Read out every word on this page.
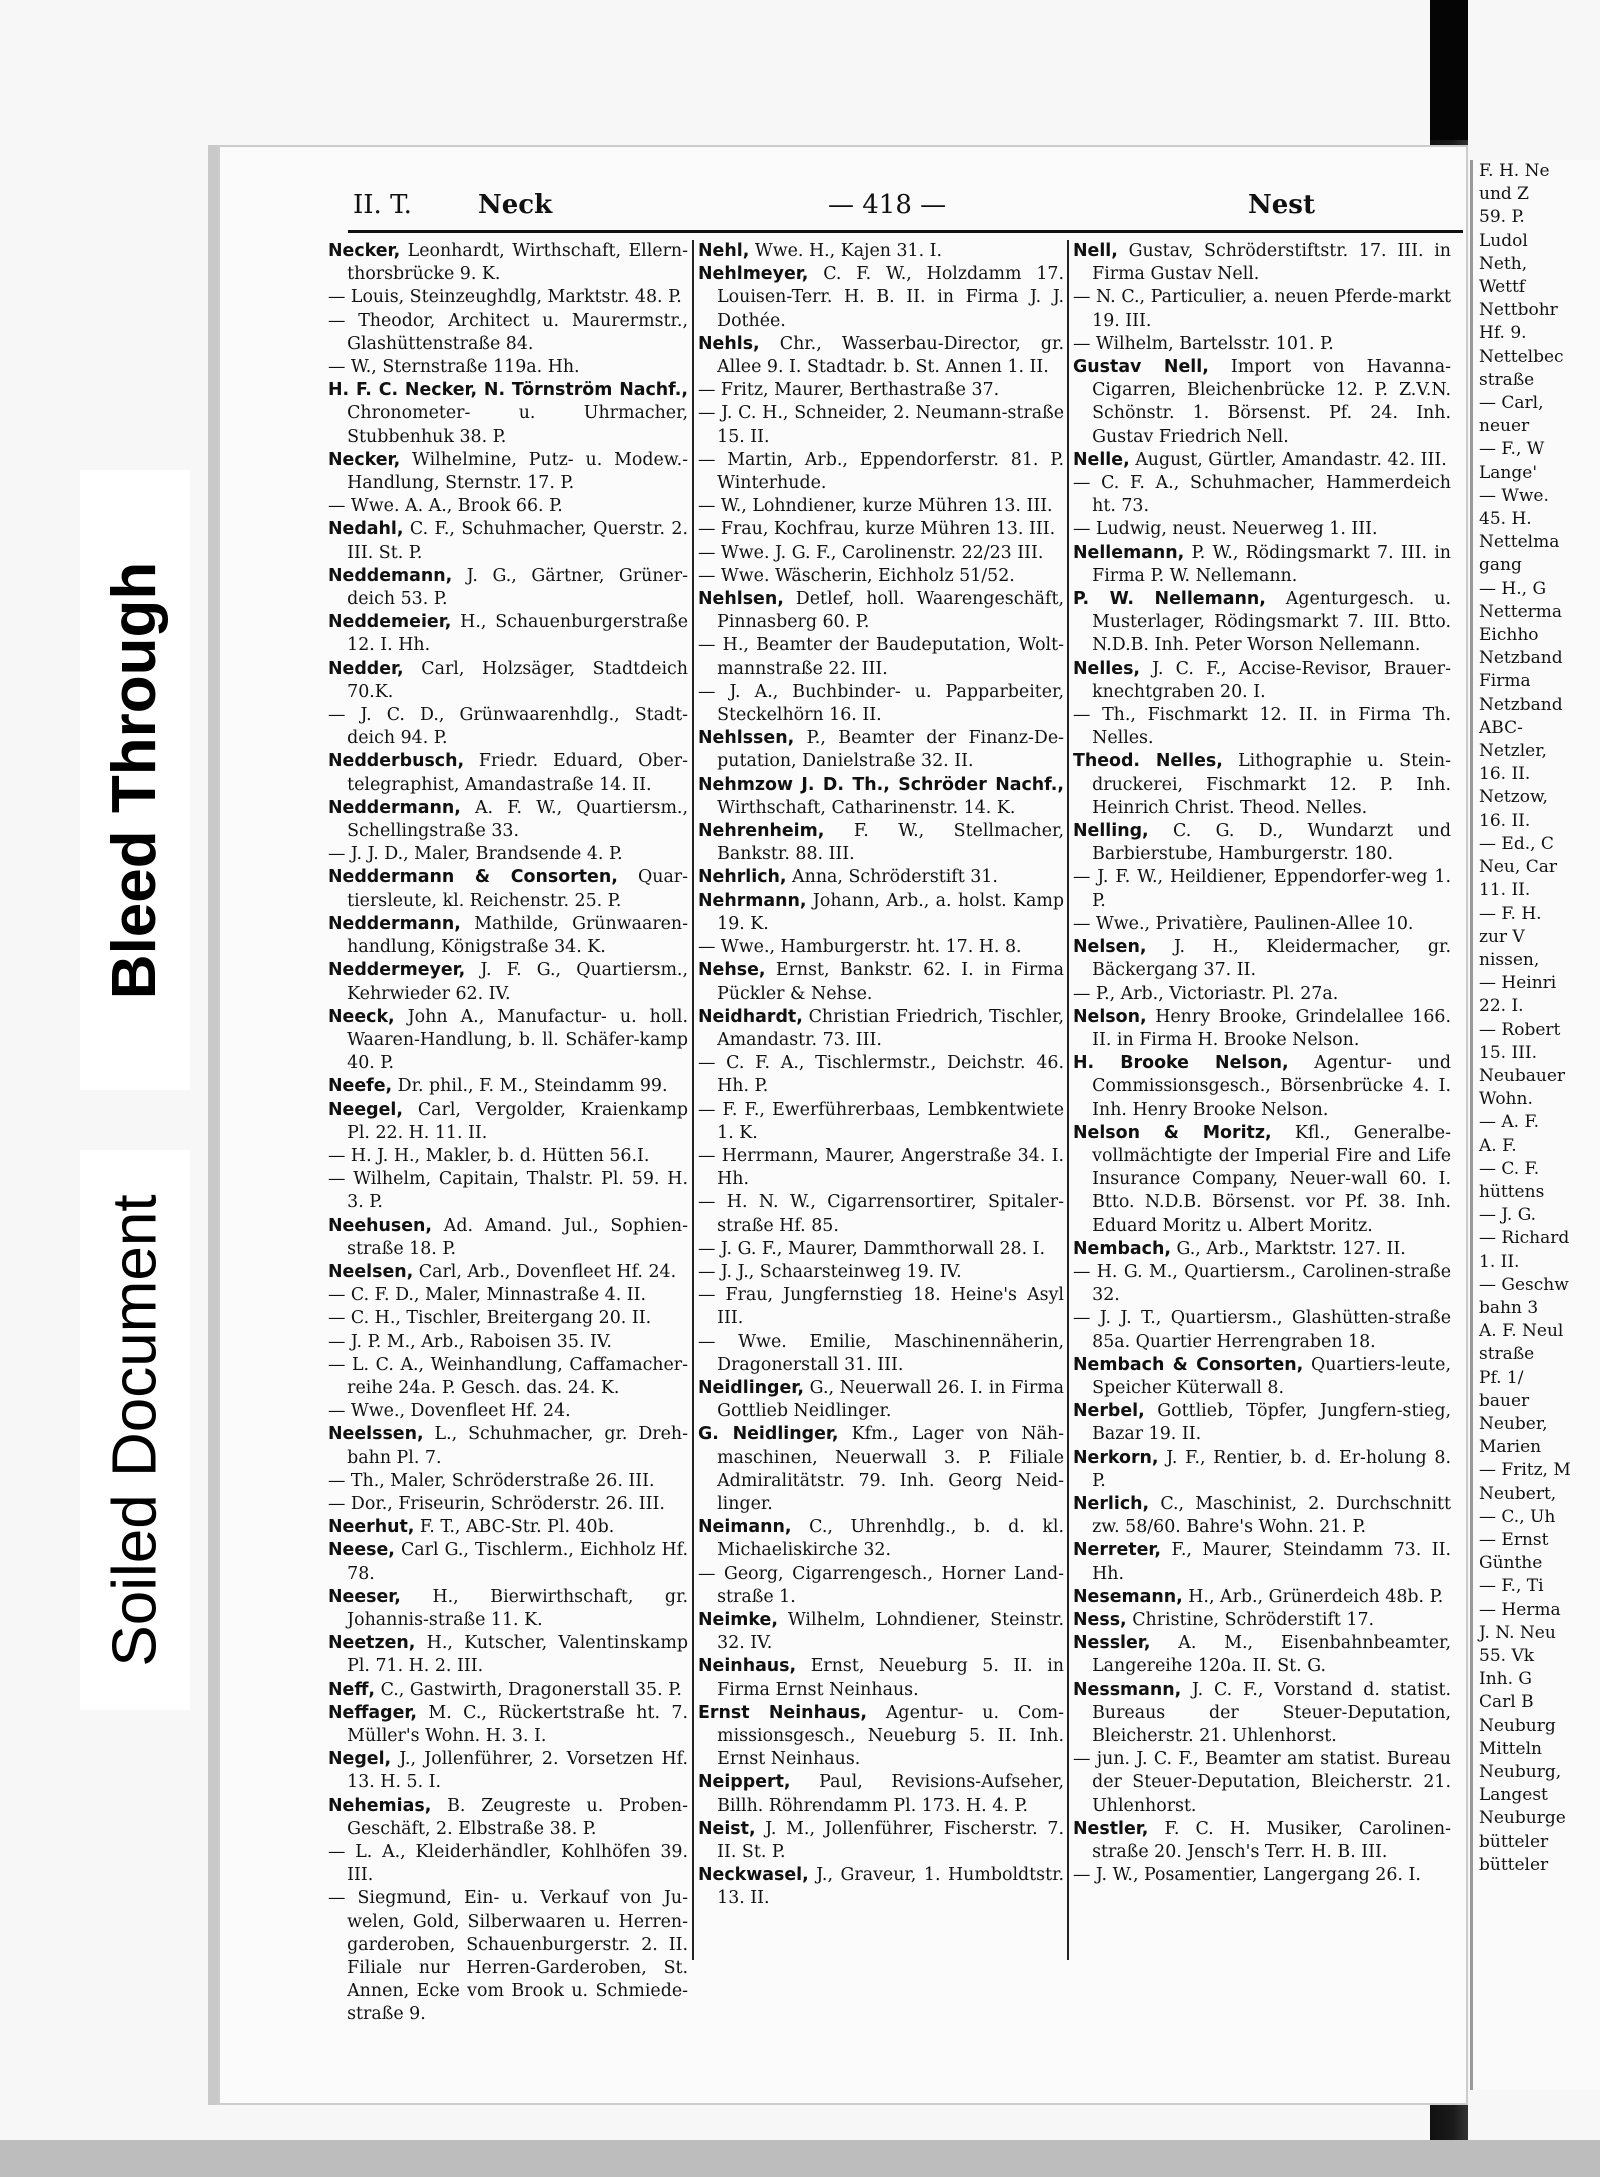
F. H. Ne
und Z
59. P.
Ludol
Neth,
Wettf
Nettbohr
Hf. 9.
Nettelbec
straße
— Carl,
neuer
— F., W
Lange'
— Wwe.
45. H.
Nettelma
gang
— H., G
Netterma
Eichho
Netzband
Firma
Netzband
ABC-
Netzler,
16. II.
Netzow,
16. II.
— Ed., C
Neu, Car
11. II.
— F. H.
zur V
nissen,
— Heinri
22. I.
— Robert
15. III.
Neubauer
Wohn.
— A. F.
A. F.
— C. F.
hüttens
— J. G.
— Richard
1. II.
— Geschw
bahn 3
A. F. Neul
straße
Pf. 1/
bauer
Neuber,
Marien
— Fritz, M
Neubert,
— C., Uh
— Ernst
Günthe
— F., Ti
— Herma
J. N. Neu
55. Vk
Inh. G
Carl B
Neuburg
Mitteln
Neuburg,
Langest
Neuburge
bütteler
bütteler
II. T.	Neck	— 418 —	Nest

Necker, Leonhardt, Wirthschaft, Ellern-thorsbrücke 9. K.

— Louis, Steinzeughdlg, Marktstr. 48. P.

— Theodor, Architect u. Maurermstr., Glashüttenstraße 84.

— W., Sternstraße 119a. Hh.

H. F. C. Necker, N. Törnström Nachf., Chronometer- u. Uhrmacher, Stubbenhuk 38. P.

Necker, Wilhelmine, Putz- u. Modew.-Handlung, Sternstr. 17. P.

— Wwe. A. A., Brook 66. P.

Nedahl, C. F., Schuhmacher, Querstr. 2. III. St. P.

Neddemann, J. G., Gärtner, Grüner-deich 53. P.

Neddemeier, H., Schauenburgerstraße 12. I. Hh.

Nedder, Carl, Holzsäger, Stadtdeich 70.K.

— J. C. D., Grünwaarenhdlg., Stadt-deich 94. P.

Nedderbusch, Friedr. Eduard, Ober-telegraphist, Amandastraße 14. II.

Neddermann, A. F. W., Quartiersm., Schellingstraße 33.

— J. J. D., Maler, Brandsende 4. P.

Neddermann & Consorten, Quar-tiersleute, kl. Reichenstr. 25. P.

Neddermann, Mathilde, Grünwaaren-handlung, Königstraße 34. K.

Neddermeyer, J. F. G., Quartiersm., Kehrwieder 62. IV.

Neeck, John A., Manufactur- u. holl. Waaren-Handlung, b. ll. Schäfer-kamp 40. P.

Neefe, Dr. phil., F. M., Steindamm 99.

Neegel, Carl, Vergolder, Kraienkamp Pl. 22. H. 11. II.

— H. J. H., Makler, b. d. Hütten 56.I.

— Wilhelm, Capitain, Thalstr. Pl. 59. H. 3. P.

Neehusen, Ad. Amand. Jul., Sophien-straße 18. P.

Neelsen, Carl, Arb., Dovenfleet Hf. 24.

— C. F. D., Maler, Minnastraße 4. II.

— C. H., Tischler, Breitergang 20. II.

— J. P. M., Arb., Raboisen 35. IV.

— L. C. A., Weinhandlung, Caffamacher-reihe 24a. P. Gesch. das. 24. K.

— Wwe., Dovenfleet Hf. 24.

Neelssen, L., Schuhmacher, gr. Dreh-bahn Pl. 7.

— Th., Maler, Schröderstraße 26. III.

— Dor., Friseurin, Schröderstr. 26. III.

Neerhut, F. T., ABC-Str. Pl. 40b.

Neese, Carl G., Tischlerm., Eichholz Hf. 78.

Neeser, H., Bierwirthschaft, gr. Johannis-straße 11. K.

Neetzen, H., Kutscher, Valentinskamp Pl. 71. H. 2. III.

Neff, C., Gastwirth, Dragonerstall 35. P.

Neffager, M. C., Rückertstraße ht. 7. Müller's Wohn. H. 3. I.

Negel, J., Jollenführer, 2. Vorsetzen Hf. 13. H. 5. I.

Nehemias, B. Zeugreste u. Proben-Geschäft, 2. Elbstraße 38. P.

— L. A., Kleiderhändler, Kohlhöfen 39. III.

— Siegmund, Ein- u. Verkauf von Ju-welen, Gold, Silberwaaren u. Herren-garderoben, Schauenburgerstr. 2. II. Filiale nur Herren-Garderoben, St. Annen, Ecke vom Brook u. Schmiede-straße 9.

Nehl, Wwe. H., Kajen 31. I.

Nehlmeyer, C. F. W., Holzdamm 17. Louisen-Terr. H. B. II. in Firma J. J. Dothée.

Nehls, Chr., Wasserbau-Director, gr. Allee 9. I. Stadtadr. b. St. Annen 1. II.

— Fritz, Maurer, Berthastraße 37.

— J. C. H., Schneider, 2. Neumann-straße 15. II.

— Martin, Arb., Eppendorferstr. 81. P. Winterhude.

— W., Lohndiener, kurze Mühren 13. III.

— Frau, Kochfrau, kurze Mühren 13. III.

— Wwe. J. G. F., Carolinenstr. 22/23 III.

— Wwe. Wäscherin, Eichholz 51/52.

Nehlsen, Detlef, holl. Waarengeschäft, Pinnasberg 60. P.

— H., Beamter der Baudeputation, Wolt-mannstraße 22. III.

— J. A., Buchbinder- u. Papparbeiter, Steckelhörn 16. II.

Nehlssen, P., Beamter der Finanz-De-putation, Danielstraße 32. II.

Nehmzow J. D. Th., Schröder Nachf., Wirthschaft, Catharinenstr. 14. K.

Nehrenheim, F. W., Stellmacher, Bankstr. 88. III.

Nehrlich, Anna, Schröderstift 31.

Nehrmann, Johann, Arb., a. holst. Kamp 19. K.

— Wwe., Hamburgerstr. ht. 17. H. 8.

Nehse, Ernst, Bankstr. 62. I. in Firma Pückler & Nehse.

Neidhardt, Christian Friedrich, Tischler, Amandastr. 73. III.

— C. F. A., Tischlermstr., Deichstr. 46. Hh. P.

— F. F., Ewerführerbaas, Lembkentwiete 1. K.

— Herrmann, Maurer, Angerstraße 34. I. Hh.

— H. N. W., Cigarrensortirer, Spitaler-straße Hf. 85.

— J. G. F., Maurer, Dammthorwall 28. I.

— J. J., Schaarsteinweg 19. IV.

— Frau, Jungfernstieg 18. Heine's Asyl III.

— Wwe. Emilie, Maschinennäherin, Dragonerstall 31. III.

Neidlinger, G., Neuerwall 26. I. in Firma Gottlieb Neidlinger.

G. Neidlinger, Kfm., Lager von Näh-maschinen, Neuerwall 3. P. Filiale Admiralitätstr. 79. Inh. Georg Neid-linger.

Neimann, C., Uhrenhdlg., b. d. kl. Michaeliskirche 32.

— Georg, Cigarrengesch., Horner Land-straße 1.

Neimke, Wilhelm, Lohndiener, Steinstr. 32. IV.

Neinhaus, Ernst, Neueburg 5. II. in Firma Ernst Neinhaus.

Ernst Neinhaus, Agentur- u. Com-missionsgesch., Neueburg 5. II. Inh. Ernst Neinhaus.

Neippert, Paul, Revisions-Aufseher, Billh. Röhrendamm Pl. 173. H. 4. P.

Neist, J. M., Jollenführer, Fischerstr. 7. II. St. P.

Neckwasel, J., Graveur, 1. Humboldtstr. 13. II.

Nell, Gustav, Schröderstiftstr. 17. III. in Firma Gustav Nell.

— N. C., Particulier, a. neuen Pferde-markt 19. III.

— Wilhelm, Bartelsstr. 101. P.

Gustav Nell, Import von Havanna-Cigarren, Bleichenbrücke 12. P. Z.V.N. Schönstr. 1. Börsenst. Pf. 24. Inh. Gustav Friedrich Nell.

Nelle, August, Gürtler, Amandastr. 42. III.

— C. F. A., Schuhmacher, Hammerdeich ht. 73.

— Ludwig, neust. Neuerweg 1. III.

Nellemann, P. W., Rödingsmarkt 7. III. in Firma P. W. Nellemann.

P. W. Nellemann, Agenturgesch. u. Musterlager, Rödingsmarkt 7. III. Btto. N.D.B. Inh. Peter Worson Nellemann.

Nelles, J. C. F., Accise-Revisor, Brauer-knechtgraben 20. I.

— Th., Fischmarkt 12. II. in Firma Th. Nelles.

Theod. Nelles, Lithographie u. Stein-druckerei, Fischmarkt 12. P. Inh. Heinrich Christ. Theod. Nelles.

Nelling, C. G. D., Wundarzt und Barbierstube, Hamburgerstr. 180.

— J. F. W., Heildiener, Eppendorfer-weg 1. P.

— Wwe., Privatière, Paulinen-Allee 10.

Nelsen, J. H., Kleidermacher, gr. Bäckergang 37. II.

— P., Arb., Victoriastr. Pl. 27a.

Nelson, Henry Brooke, Grindelallee 166. II. in Firma H. Brooke Nelson.

H. Brooke Nelson, Agentur- und Commissionsgesch., Börsenbrücke 4. I. Inh. Henry Brooke Nelson.

Nelson & Moritz, Kfl., Generalbe-vollmächtigte der Imperial Fire and Life Insurance Company, Neuer-wall 60. I. Btto. N.D.B. Börsenst. vor Pf. 38. Inh. Eduard Moritz u. Albert Moritz.

Nembach, G., Arb., Marktstr. 127. II.

— H. G. M., Quartiersm., Carolinen-straße 32.

— J. J. T., Quartiersm., Glashütten-straße 85a. Quartier Herrengraben 18.

Nembach & Consorten, Quartiers-leute, Speicher Küterwall 8.

Nerbel, Gottlieb, Töpfer, Jungfern-stieg, Bazar 19. II.

Nerkorn, J. F., Rentier, b. d. Er-holung 8. P.

Nerlich, C., Maschinist, 2. Durchschnitt zw. 58/60. Bahre's Wohn. 21. P.

Nerreter, F., Maurer, Steindamm 73. II. Hh.

Nesemann, H., Arb., Grünerdeich 48b. P.

Ness, Christine, Schröderstift 17.

Nessler, A. M., Eisenbahnbeamter, Langereihe 120a. II. St. G.

Nessmann, J. C. F., Vorstand d. statist. Bureaus der Steuer-Deputation, Bleicherstr. 21. Uhlenhorst.

— jun. J. C. F., Beamter am statist. Bureau der Steuer-Deputation, Bleicherstr. 21. Uhlenhorst.

Nestler, F. C. H. Musiker, Carolinen-straße 20. Jensch's Terr. H. B. III.

— J. W., Posamentier, Langergang 26. I.

Bleed Through
Soiled Document
